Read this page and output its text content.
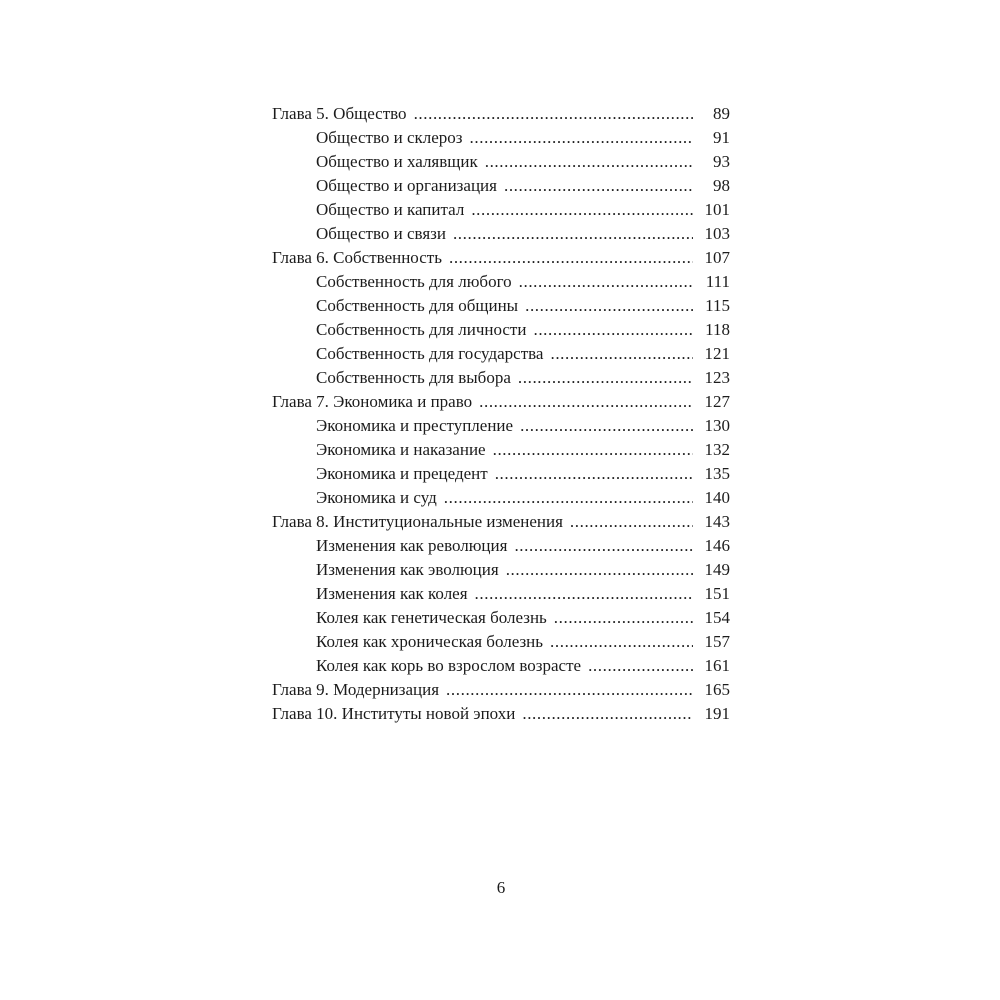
Глава 5. Общество .....	89
Общество и склероз .....	91
Общество и халявщик .....	93
Общество и организация .....	98
Общество и капитал .....	101
Общество и связи .....	103
Глава 6. Собственность .....	107
Собственность для любого .....	111
Собственность для общины .....	115
Собственность для личности .....	118
Собственность для государства .....	121
Собственность для выбора .....	123
Глава 7. Экономика и право .....	127
Экономика и преступление .....	130
Экономика и наказание .....	132
Экономика и прецедент .....	135
Экономика и суд .....	140
Глава 8. Институциональные изменения .....	143
Изменения как революция .....	146
Изменения как эволюция .....	149
Изменения как колея .....	151
Колея как генетическая болезнь .....	154
Колея как хроническая болезнь .....	157
Колея как корь во взрослом возрасте .....	161
Глава 9. Модернизация .....	165
Глава 10. Институты новой эпохи .....	191
6
